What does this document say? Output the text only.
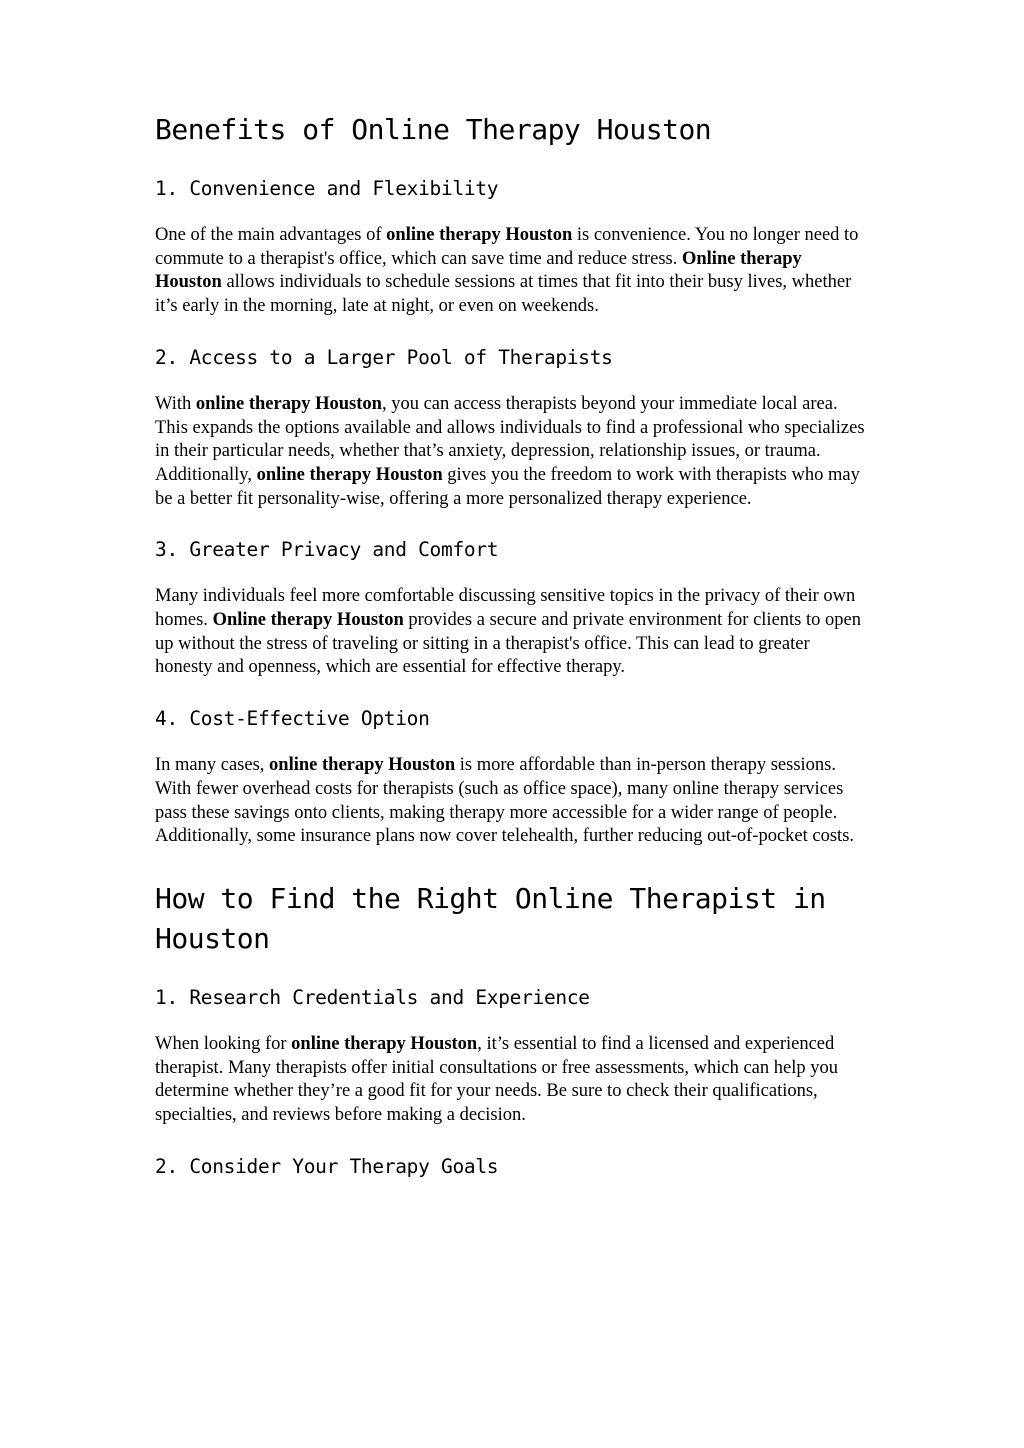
Benefits of Online Therapy Houston
1. Convenience and Flexibility

One of the main advantages of online therapy Houston is convenience. You no longer need to commute to a therapist's office, which can save time and reduce stress. Online therapy Houston allows individuals to schedule sessions at times that fit into their busy lives, whether it’s early in the morning, late at night, or even on weekends.

2. Access to a Larger Pool of Therapists

With online therapy Houston, you can access therapists beyond your immediate local area. This expands the options available and allows individuals to find a professional who specializes in their particular needs, whether that’s anxiety, depression, relationship issues, or trauma. Additionally, online therapy Houston gives you the freedom to work with therapists who may be a better fit personality-wise, offering a more personalized therapy experience.

3. Greater Privacy and Comfort

Many individuals feel more comfortable discussing sensitive topics in the privacy of their own homes. Online therapy Houston provides a secure and private environment for clients to open up without the stress of traveling or sitting in a therapist's office. This can lead to greater honesty and openness, which are essential for effective therapy.

4. Cost-Effective Option

In many cases, online therapy Houston is more affordable than in-person therapy sessions. With fewer overhead costs for therapists (such as office space), many online therapy services pass these savings onto clients, making therapy more accessible for a wider range of people. Additionally, some insurance plans now cover telehealth, further reducing out-of-pocket costs.

How to Find the Right Online Therapist in Houston
1. Research Credentials and Experience

When looking for online therapy Houston, it’s essential to find a licensed and experienced therapist. Many therapists offer initial consultations or free assessments, which can help you determine whether they’re a good fit for your needs. Be sure to check their qualifications, specialties, and reviews before making a decision.

2. Consider Your Therapy Goals
